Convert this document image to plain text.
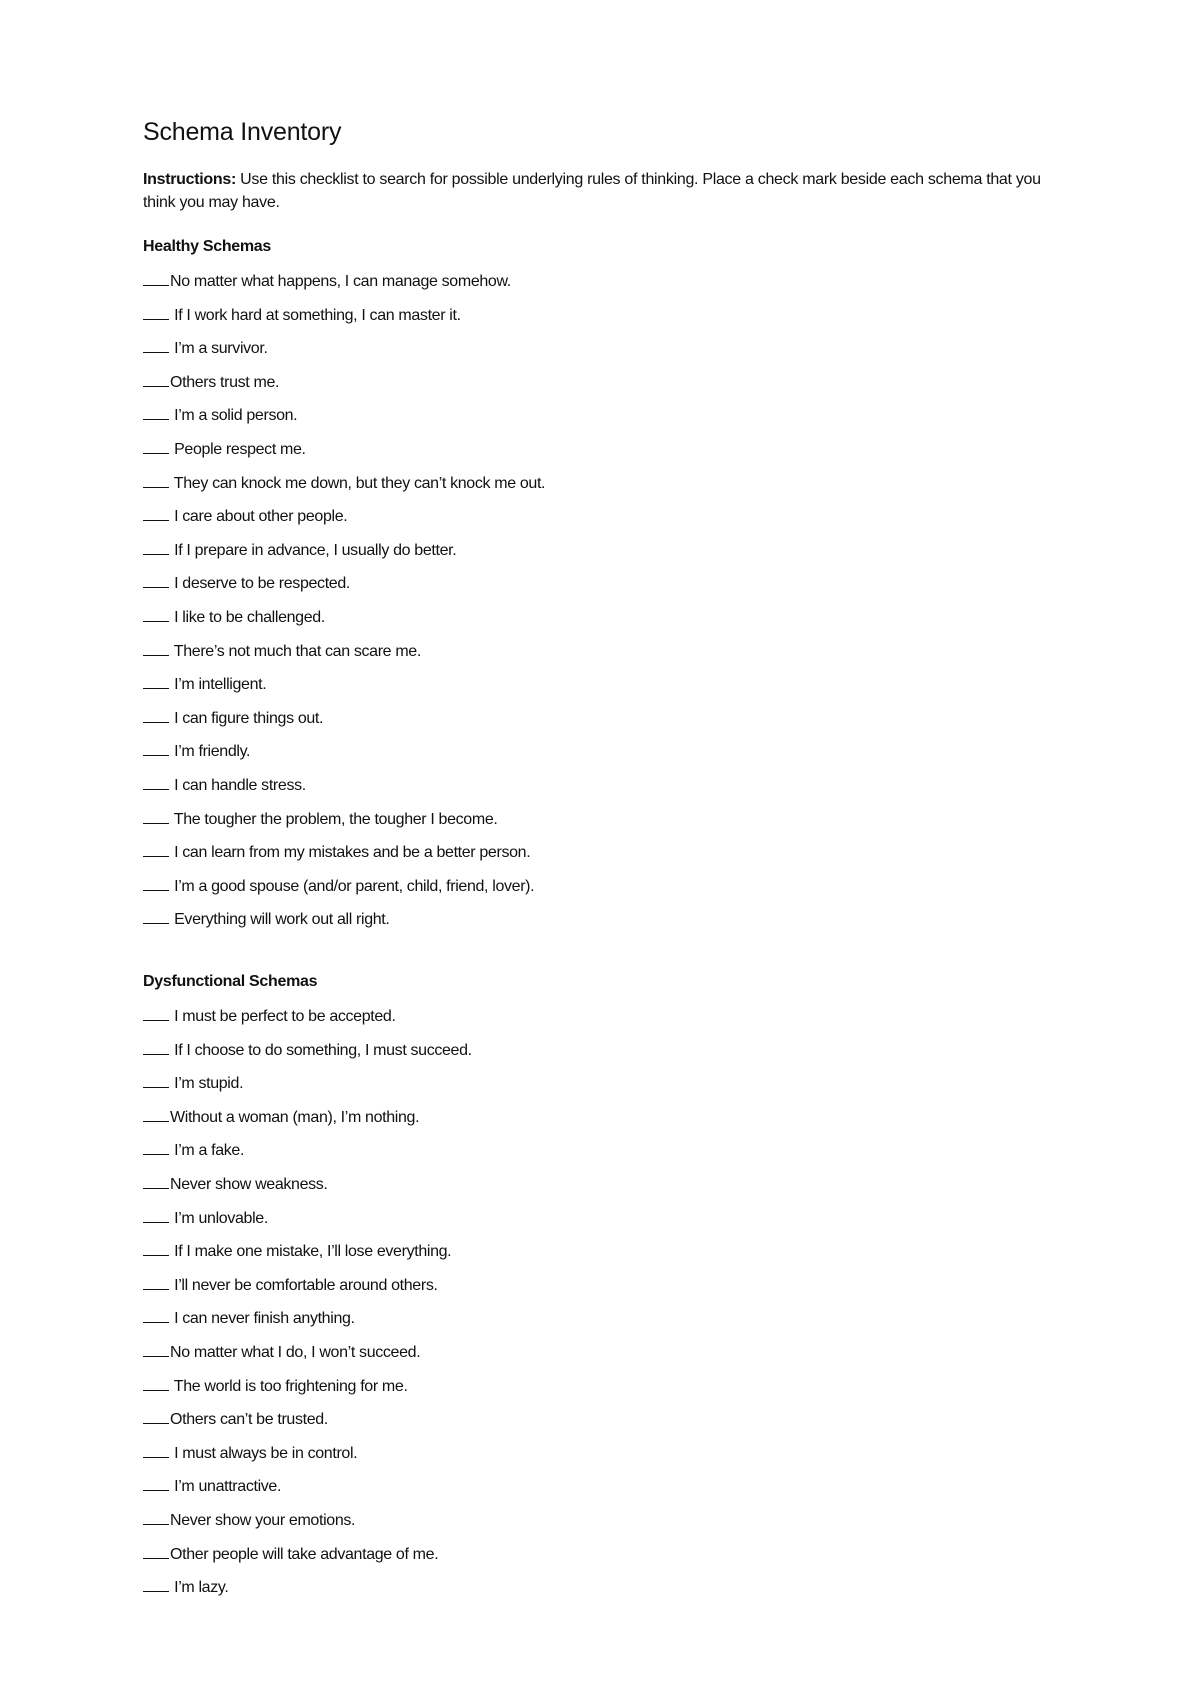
Schema Inventory

Instructions: Use this checklist to search for possible underlying rules of thinking. Place a check mark beside each schema that you think you may have.

Healthy Schemas
No matter what happens, I can manage somehow.
If I work hard at something, I can master it.
I’m a survivor.
Others trust me.
I’m a solid person.
People respect me.
They can knock me down, but they can’t knock me out.
I care about other people.
If I prepare in advance, I usually do better.
I deserve to be respected.
I like to be challenged.
There’s not much that can scare me.
I’m intelligent.
I can figure things out.
I’m friendly.
I can handle stress.
The tougher the problem, the tougher I become.
I can learn from my mistakes and be a better person.
I’m a good spouse (and/or parent, child, friend, lover).
Everything will work out all right.
Dysfunctional Schemas
I must be perfect to be accepted.
If I choose to do something, I must succeed.
I’m stupid.
Without a woman (man), I’m nothing.
I’m a fake.
Never show weakness.
I’m unlovable.
If I make one mistake, I’ll lose everything.
I’ll never be comfortable around others.
I can never finish anything.
No matter what I do, I won’t succeed.
The world is too frightening for me.
Others can’t be trusted.
I must always be in control.
I’m unattractive.
Never show your emotions.
Other people will take advantage of me.
I’m lazy.
